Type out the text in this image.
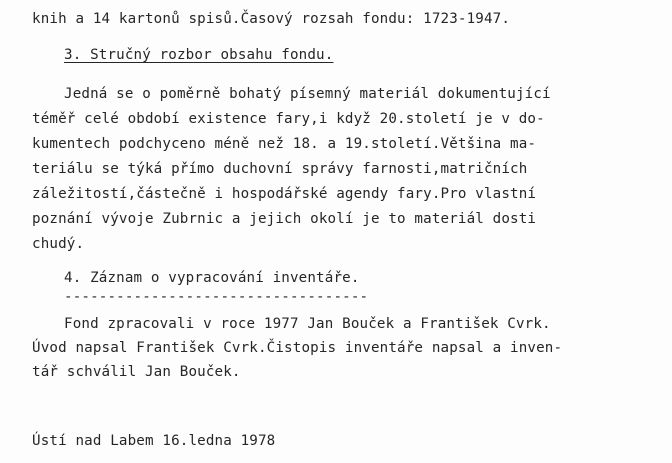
knih a 14 kartonů spisů.Časový rozsah fondu: 1723-1947.
3. Stručný rozbor obsahu fondu.
Jedná se o poměrně bohatý písemný materiál dokumentující
téměř celé období existence fary,i když 20.století je v do-
kumentech podchyceno méně než 18. a 19.století.Většina ma-
teriálu se týká přímo duchovní správy farnosti,matričních
záležitostí,částečně i hospodářské agendy fary.Pro vlastní
poznání vývoje Zubrnic a jejich okolí je to materiál dosti
chudý.
4. Záznam o vypracování inventáře.
-----------------------------------
Fond zpracovali v roce 1977 Jan Bouček a František Cvrk.
Úvod napsal František Cvrk.Čistopis inventáře napsal a inven-
tář schválil Jan Bouček.
Ústí nad Labem 16.ledna 1978
